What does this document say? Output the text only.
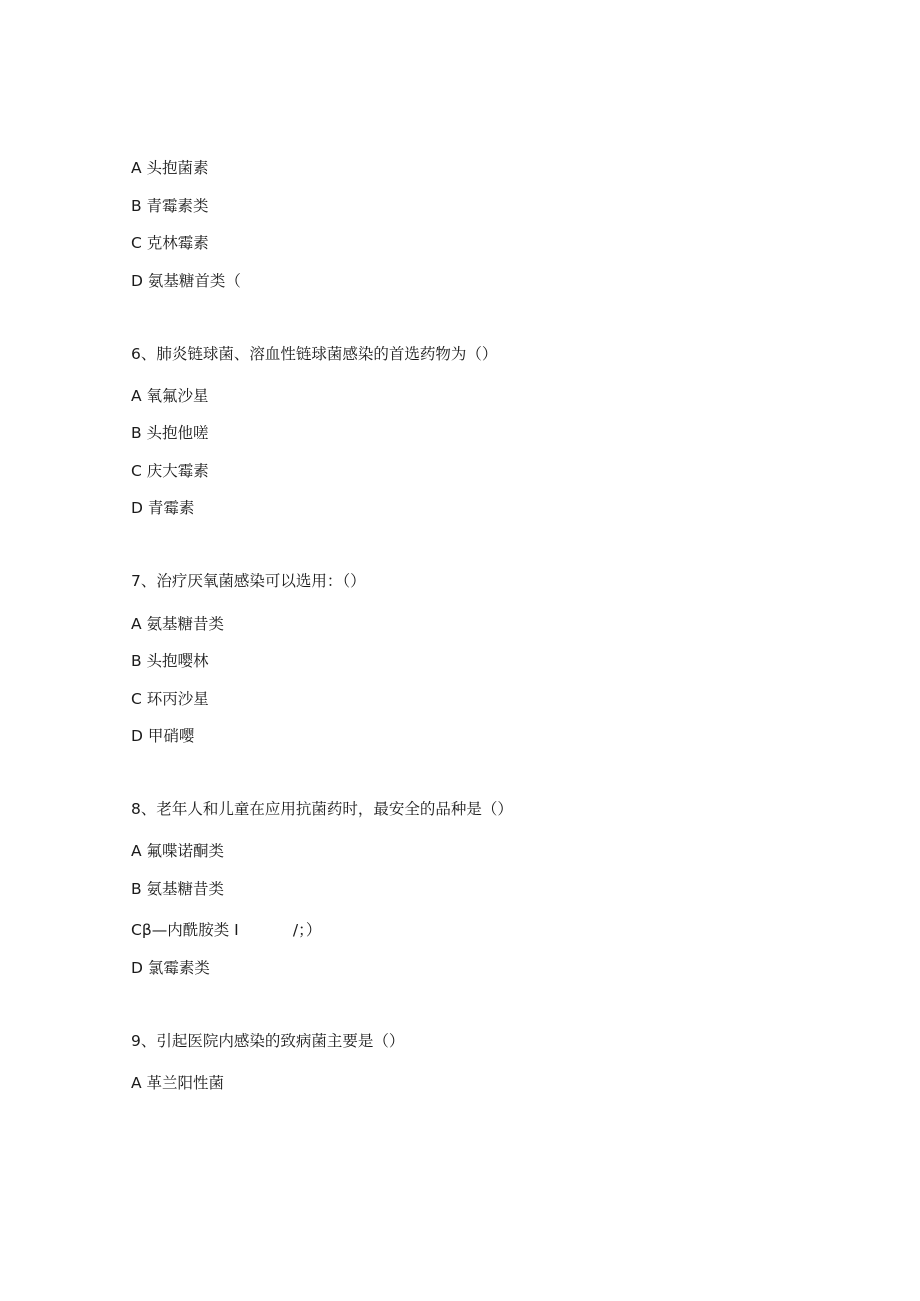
A 头抱菌素
B 青霉素类
C 克林霉素
D 氨基糖首类（
6、肺炎链球菌、溶血性链球菌感染的首选药物为（）
A 氧氟沙星
B 头抱他嗟
C 庆大霉素
D 青霉素
7、治疗厌氧菌感染可以选用：（）
A 氨基糖昔类
B 头抱嘤林
C 环丙沙星
D 甲硝嘤
8、老年人和儿童在应用抗菌药时，最安全的品种是（）
A 氟喋诺酮类
B 氨基糖昔类
Cβ—内酰胺类 I           /；）
D 氯霉素类
9、引起医院内感染的致病菌主要是（）
A 革兰阳性菌
